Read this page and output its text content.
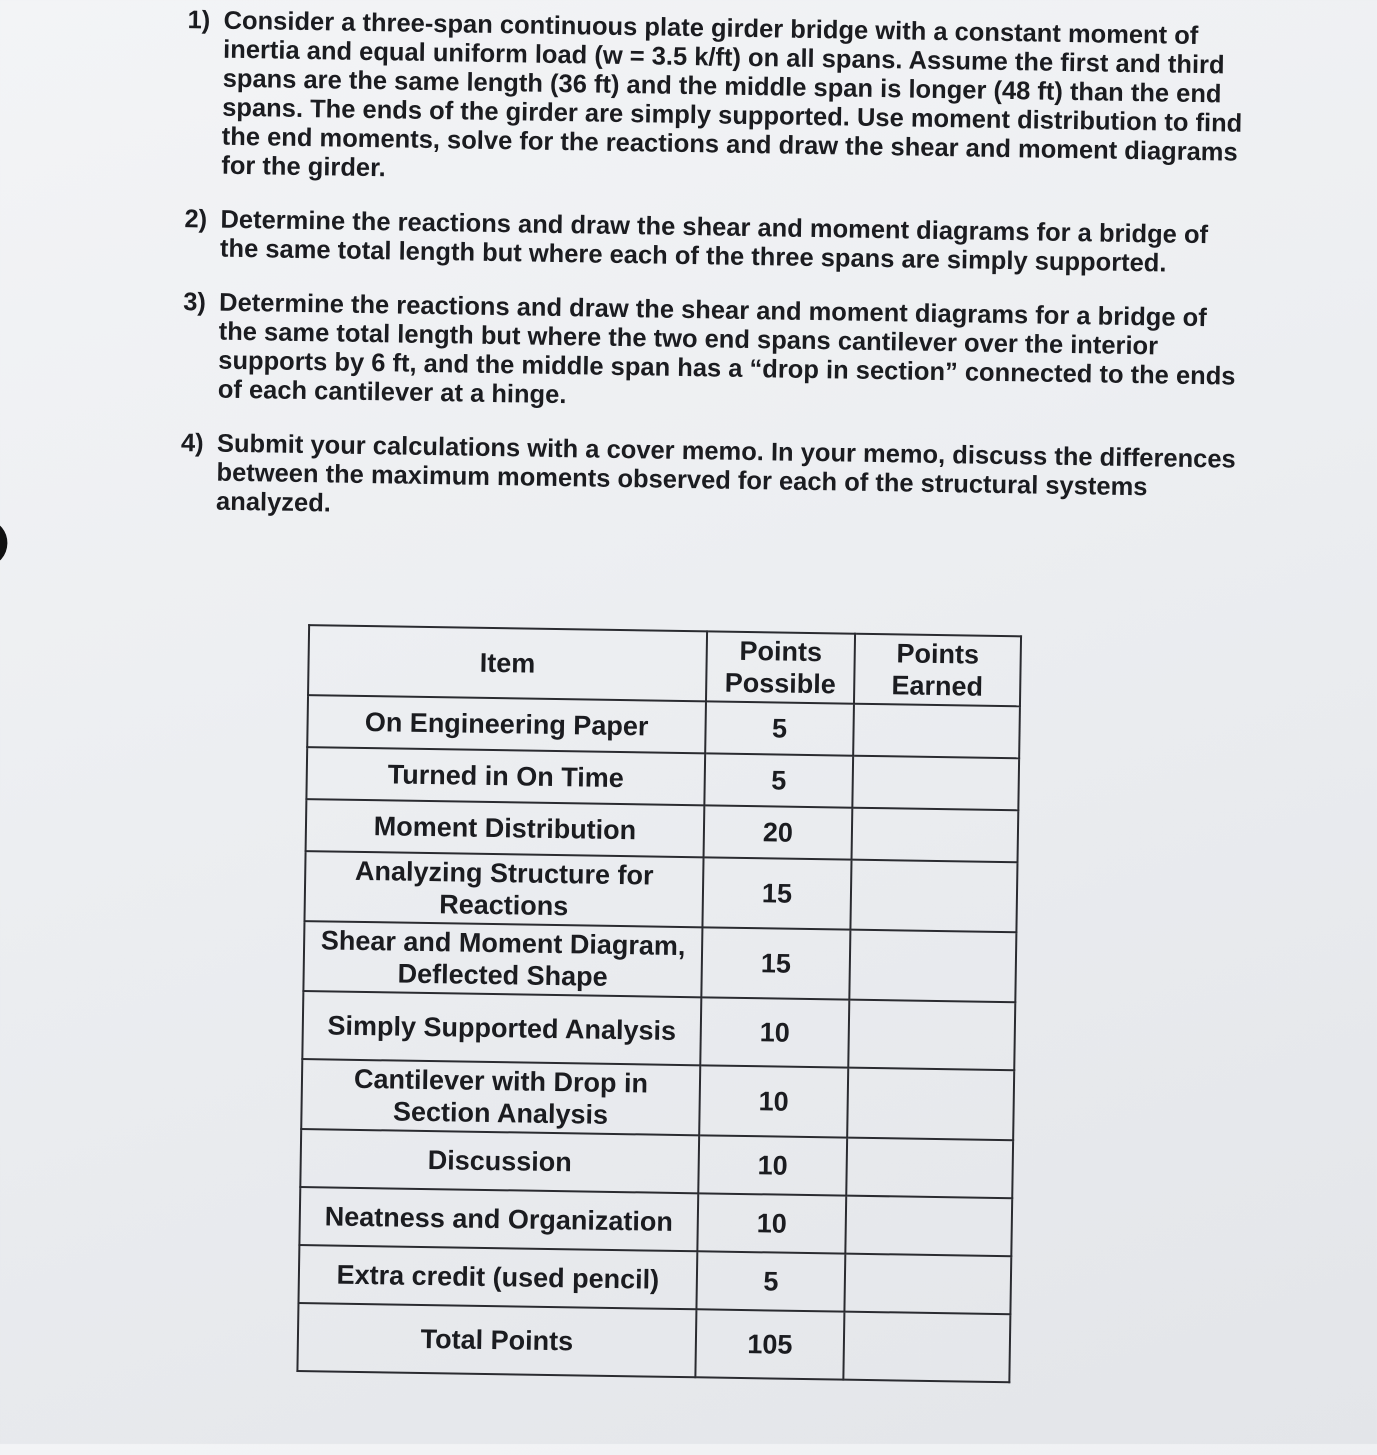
1) Consider a three-span continuous plate girder bridge with a constant moment of inertia and equal uniform load (w = 3.5 k/ft) on all spans. Assume the first and third spans are the same length (36 ft) and the middle span is longer (48 ft) than the end spans. The ends of the girder are simply supported. Use moment distribution to find the end moments, solve for the reactions and draw the shear and moment diagrams for the girder.
2) Determine the reactions and draw the shear and moment diagrams for a bridge of the same total length but where each of the three spans are simply supported.
3) Determine the reactions and draw the shear and moment diagrams for a bridge of the same total length but where the two end spans cantilever over the interior supports by 6 ft, and the middle span has a “drop in section” connected to the ends of each cantilever at a hinge.
4) Submit your calculations with a cover memo. In your memo, discuss the differences between the maximum moments observed for each of the structural systems analyzed.
Item	Points Possible	Points Earned
On Engineering Paper	5	
Turned in On Time	5	
Moment Distribution	20	
Analyzing Structure for Reactions	15	
Shear and Moment Diagram, Deflected Shape	15	
Simply Supported Analysis	10	
Cantilever with Drop in Section Analysis	10	
Discussion	10	
Neatness and Organization	10	
Extra credit (used pencil)	5	
Total Points	105	
